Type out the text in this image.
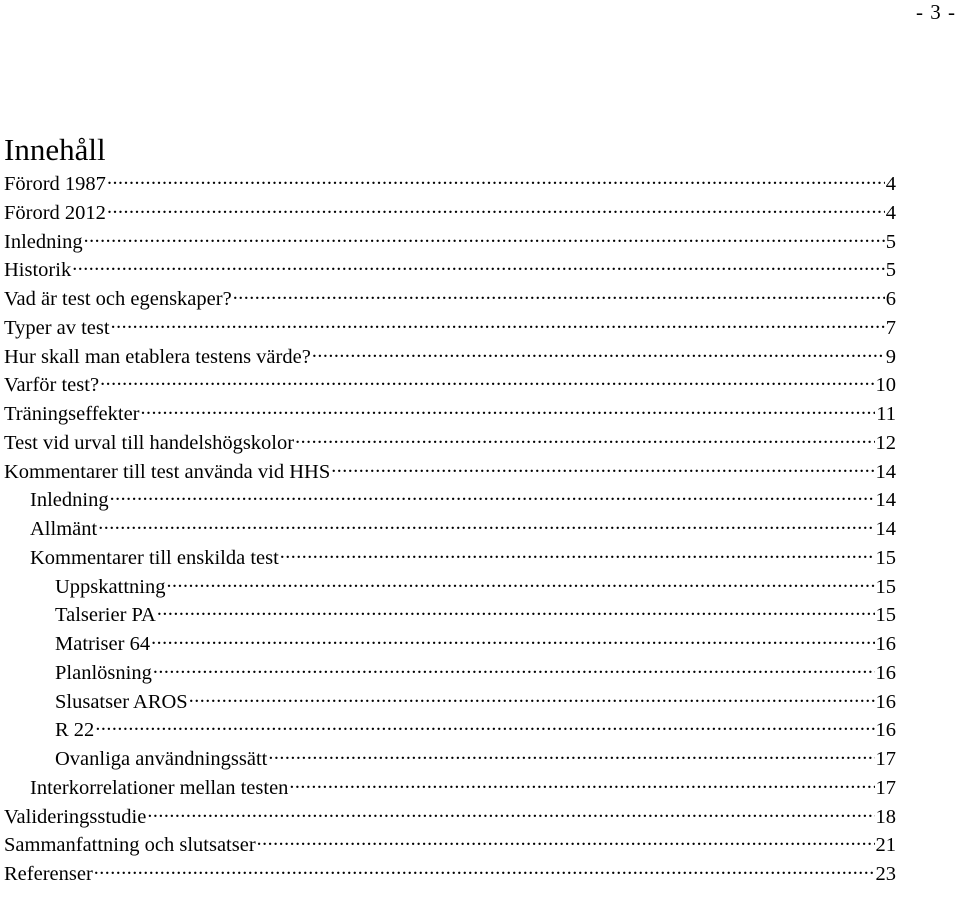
- 3 -
Innehåll
Förord 1987 .....	4
Förord 2012 .....	4
Inledning .....	5
Historik .....	5
Vad är test och egenskaper? .....	6
Typer av test .....	7
Hur skall man etablera testens värde? .....	9
Varför test? .....	10
Träningseffekter .....	11
Test vid urval till handelshögskolor .....	12
Kommentarer till test använda vid HHS .....	14
Inledning .....	14
Allmänt .....	14
Kommentarer till enskilda test .....	15
Uppskattning .....	15
Talserier PA .....	15
Matriser 64 .....	16
Planlösning .....	16
Slusatser AROS .....	16
R 22 .....	16
Ovanliga användningssätt .....	17
Interkorrelationer mellan testen .....	17
Valideringsstudie .....	18
Sammanfattning och slutsatser .....	21
Referenser .....	23
